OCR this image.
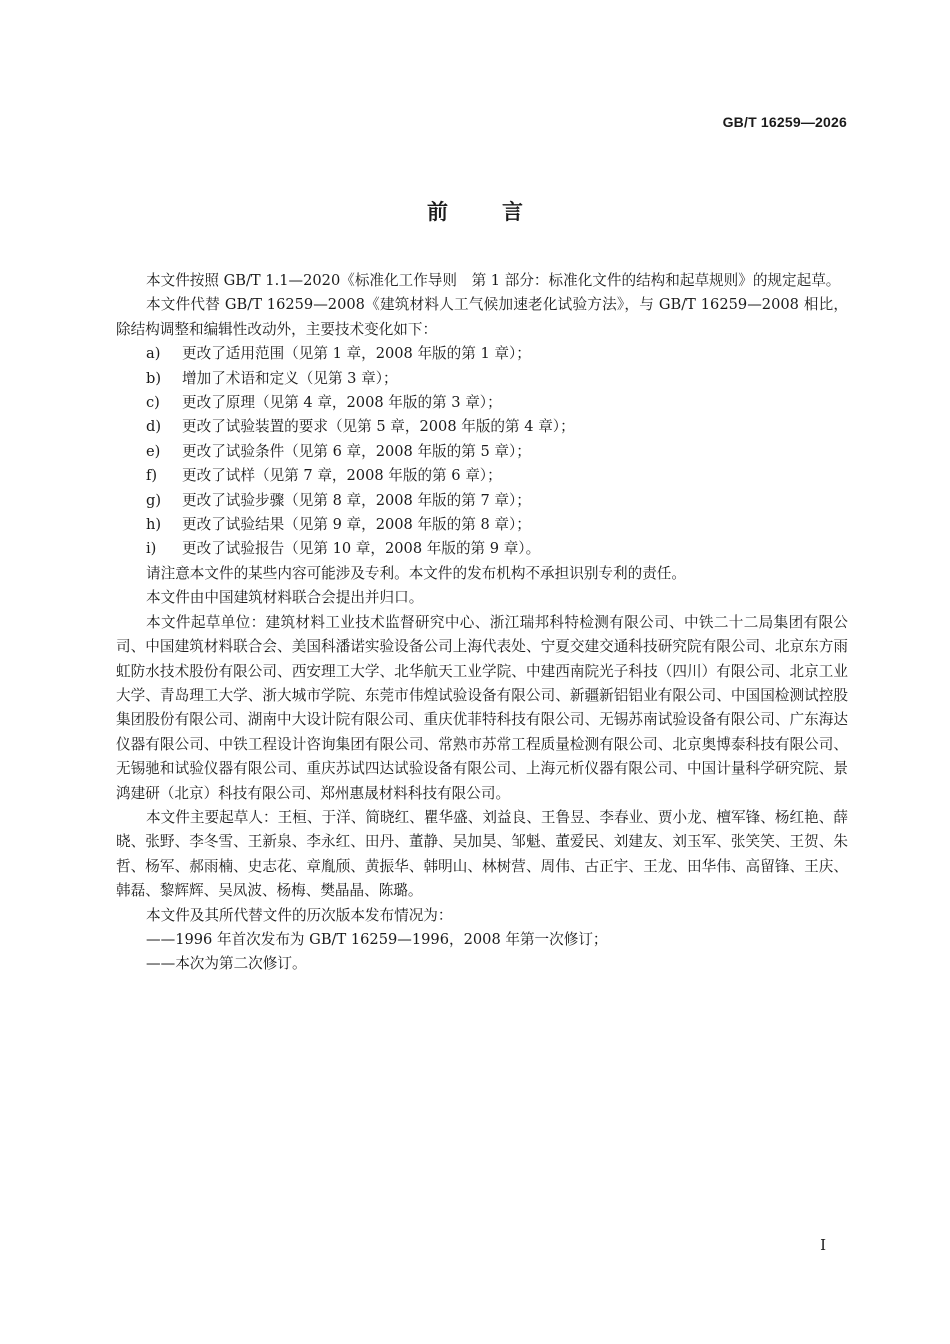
GB/T 16259—2026
前	言

本文件按照 GB/T 1.1—2020《标准化工作导则　第 1 部分：标准化文件的结构和起草规则》的规定起草。

本文件代替 GB/T 16259—2008《建筑材料人工气候加速老化试验方法》，与 GB/T 16259—2008 相比，除结构调整和编辑性改动外，主要技术变化如下：

a) 更改了适用范围（见第 1 章，2008 年版的第 1 章）；

b) 增加了术语和定义（见第 3 章）；

c) 更改了原理（见第 4 章，2008 年版的第 3 章）；

d) 更改了试验装置的要求（见第 5 章，2008 年版的第 4 章）；

e) 更改了试验条件（见第 6 章，2008 年版的第 5 章）；

f) 更改了试样（见第 7 章，2008 年版的第 6 章）；

g) 更改了试验步骤（见第 8 章，2008 年版的第 7 章）；

h) 更改了试验结果（见第 9 章，2008 年版的第 8 章）；

i) 更改了试验报告（见第 10 章，2008 年版的第 9 章）。

请注意本文件的某些内容可能涉及专利。本文件的发布机构不承担识别专利的责任。

本文件由中国建筑材料联合会提出并归口。

本文件起草单位：建筑材料工业技术监督研究中心、浙江瑞邦科特检测有限公司、中铁二十二局集团有限公司、中国建筑材料联合会、美国科潘诺实验设备公司上海代表处、宁夏交建交通科技研究院有限公司、北京东方雨虹防水技术股份有限公司、西安理工大学、北华航天工业学院、中建西南院光子科技（四川）有限公司、北京工业大学、青岛理工大学、浙大城市学院、东莞市伟煌试验设备有限公司、新疆新铝铝业有限公司、中国国检测试控股集团股份有限公司、湖南中大设计院有限公司、重庆优菲特科技有限公司、无锡苏南试验设备有限公司、广东海达仪器有限公司、中铁工程设计咨询集团有限公司、常熟市苏常工程质量检测有限公司、北京奥博泰科技有限公司、无锡驰和试验仪器有限公司、重庆苏试四达试验设备有限公司、上海元析仪器有限公司、中国计量科学研究院、景鸿建研（北京）科技有限公司、郑州惠晟材料科技有限公司。

本文件主要起草人：王桓、于洋、简晓红、瞿华盛、刘益良、王鲁昱、李春业、贾小龙、檀军锋、杨红艳、薛晓、张野、李冬雪、王新泉、李永红、田丹、董静、吴加昊、邹魁、董爱民、刘建友、刘玉军、张笑笑、王贺、朱哲、杨军、郝雨楠、史志花、章胤颀、黄振华、韩明山、林树营、周伟、古正宇、王龙、田华伟、高留锋、王庆、韩磊、黎辉辉、吴凤波、杨梅、樊晶晶、陈璐。

本文件及其所代替文件的历次版本发布情况为：

——1996 年首次发布为 GB/T 16259—1996，2008 年第一次修订；

——本次为第二次修订。

I
